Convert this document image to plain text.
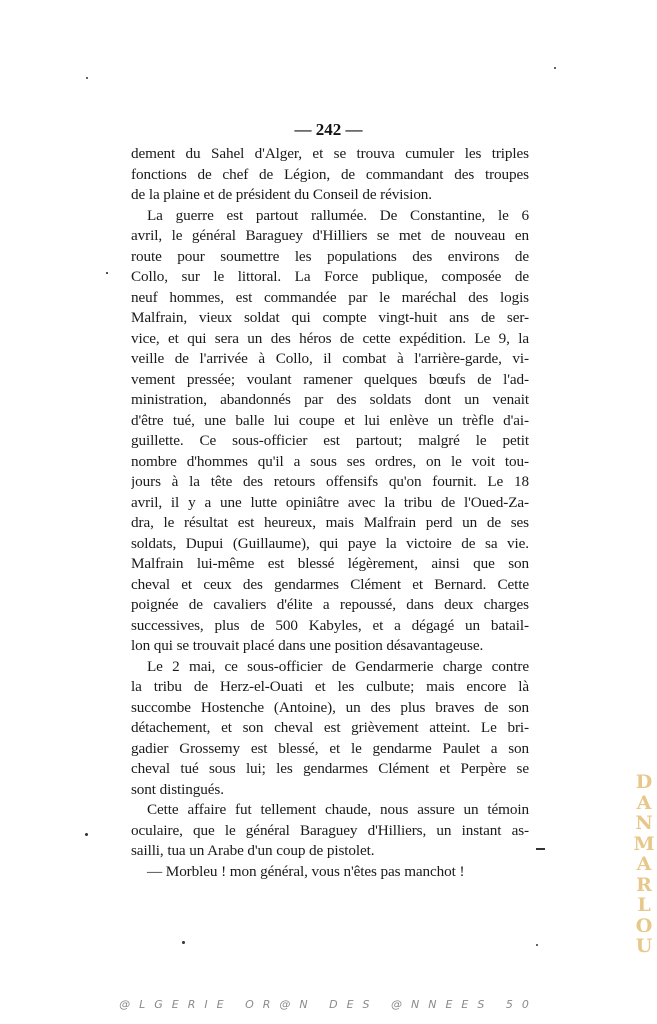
— 242 —
dement du Sahel d'Alger, et se trouva cumuler les triples
fonctions de chef de Légion, de commandant des troupes
de la plaine et de président du Conseil de révision.
La guerre est partout rallumée. De Constantine, le 6
avril, le général Baraguey d'Hilliers se met de nouveau en
route pour soumettre les populations des environs de
Collo, sur le littoral. La Force publique, composée de
neuf hommes, est commandée par le maréchal des logis
Malfrain, vieux soldat qui compte vingt-huit ans de ser-
vice, et qui sera un des héros de cette expédition. Le 9, la
veille de l'arrivée à Collo, il combat à l'arrière-garde, vi-
vement pressée; voulant ramener quelques bœufs de l'ad-
ministration, abandonnés par des soldats dont un venait
d'être tué, une balle lui coupe et lui enlève un trèfle d'ai-
guillette. Ce sous-officier est partout; malgré le petit
nombre d'hommes qu'il a sous ses ordres, on le voit tou-
jours à la tête des retours offensifs qu'on fournit. Le 18
avril, il y a une lutte opiniâtre avec la tribu de l'Oued-Za-
dra, le résultat est heureux, mais Malfrain perd un de ses
soldats, Dupui (Guillaume), qui paye la victoire de sa vie.
Malfrain lui-même est blessé légèrement, ainsi que son
cheval et ceux des gendarmes Clément et Bernard. Cette
poignée de cavaliers d'élite a repoussé, dans deux charges
successives, plus de 500 Kabyles, et a dégagé un batail-
lon qui se trouvait placé dans une position désavantageuse.
Le 2 mai, ce sous-officier de Gendarmerie charge contre
la tribu de Herz-el-Ouati et les culbute; mais encore là
succombe Hostenche (Antoine), un des plus braves de son
détachement, et son cheval est grièvement atteint. Le bri-
gadier Grossemy est blessé, et le gendarme Paulet a son
cheval tué sous lui; les gendarmes Clément et Perpère se
sont distingués.
Cette affaire fut tellement chaude, nous assure un témoin
oculaire, que le général Baraguey d'Hilliers, un instant as-
sailli, tua un Arabe d'un coup de pistolet.
— Morbleu ! mon général, vous n'êtes pas manchot !
@LGERIE OR@N DES @NNEES 50
D
A
N
M
A
R
L
O
U
